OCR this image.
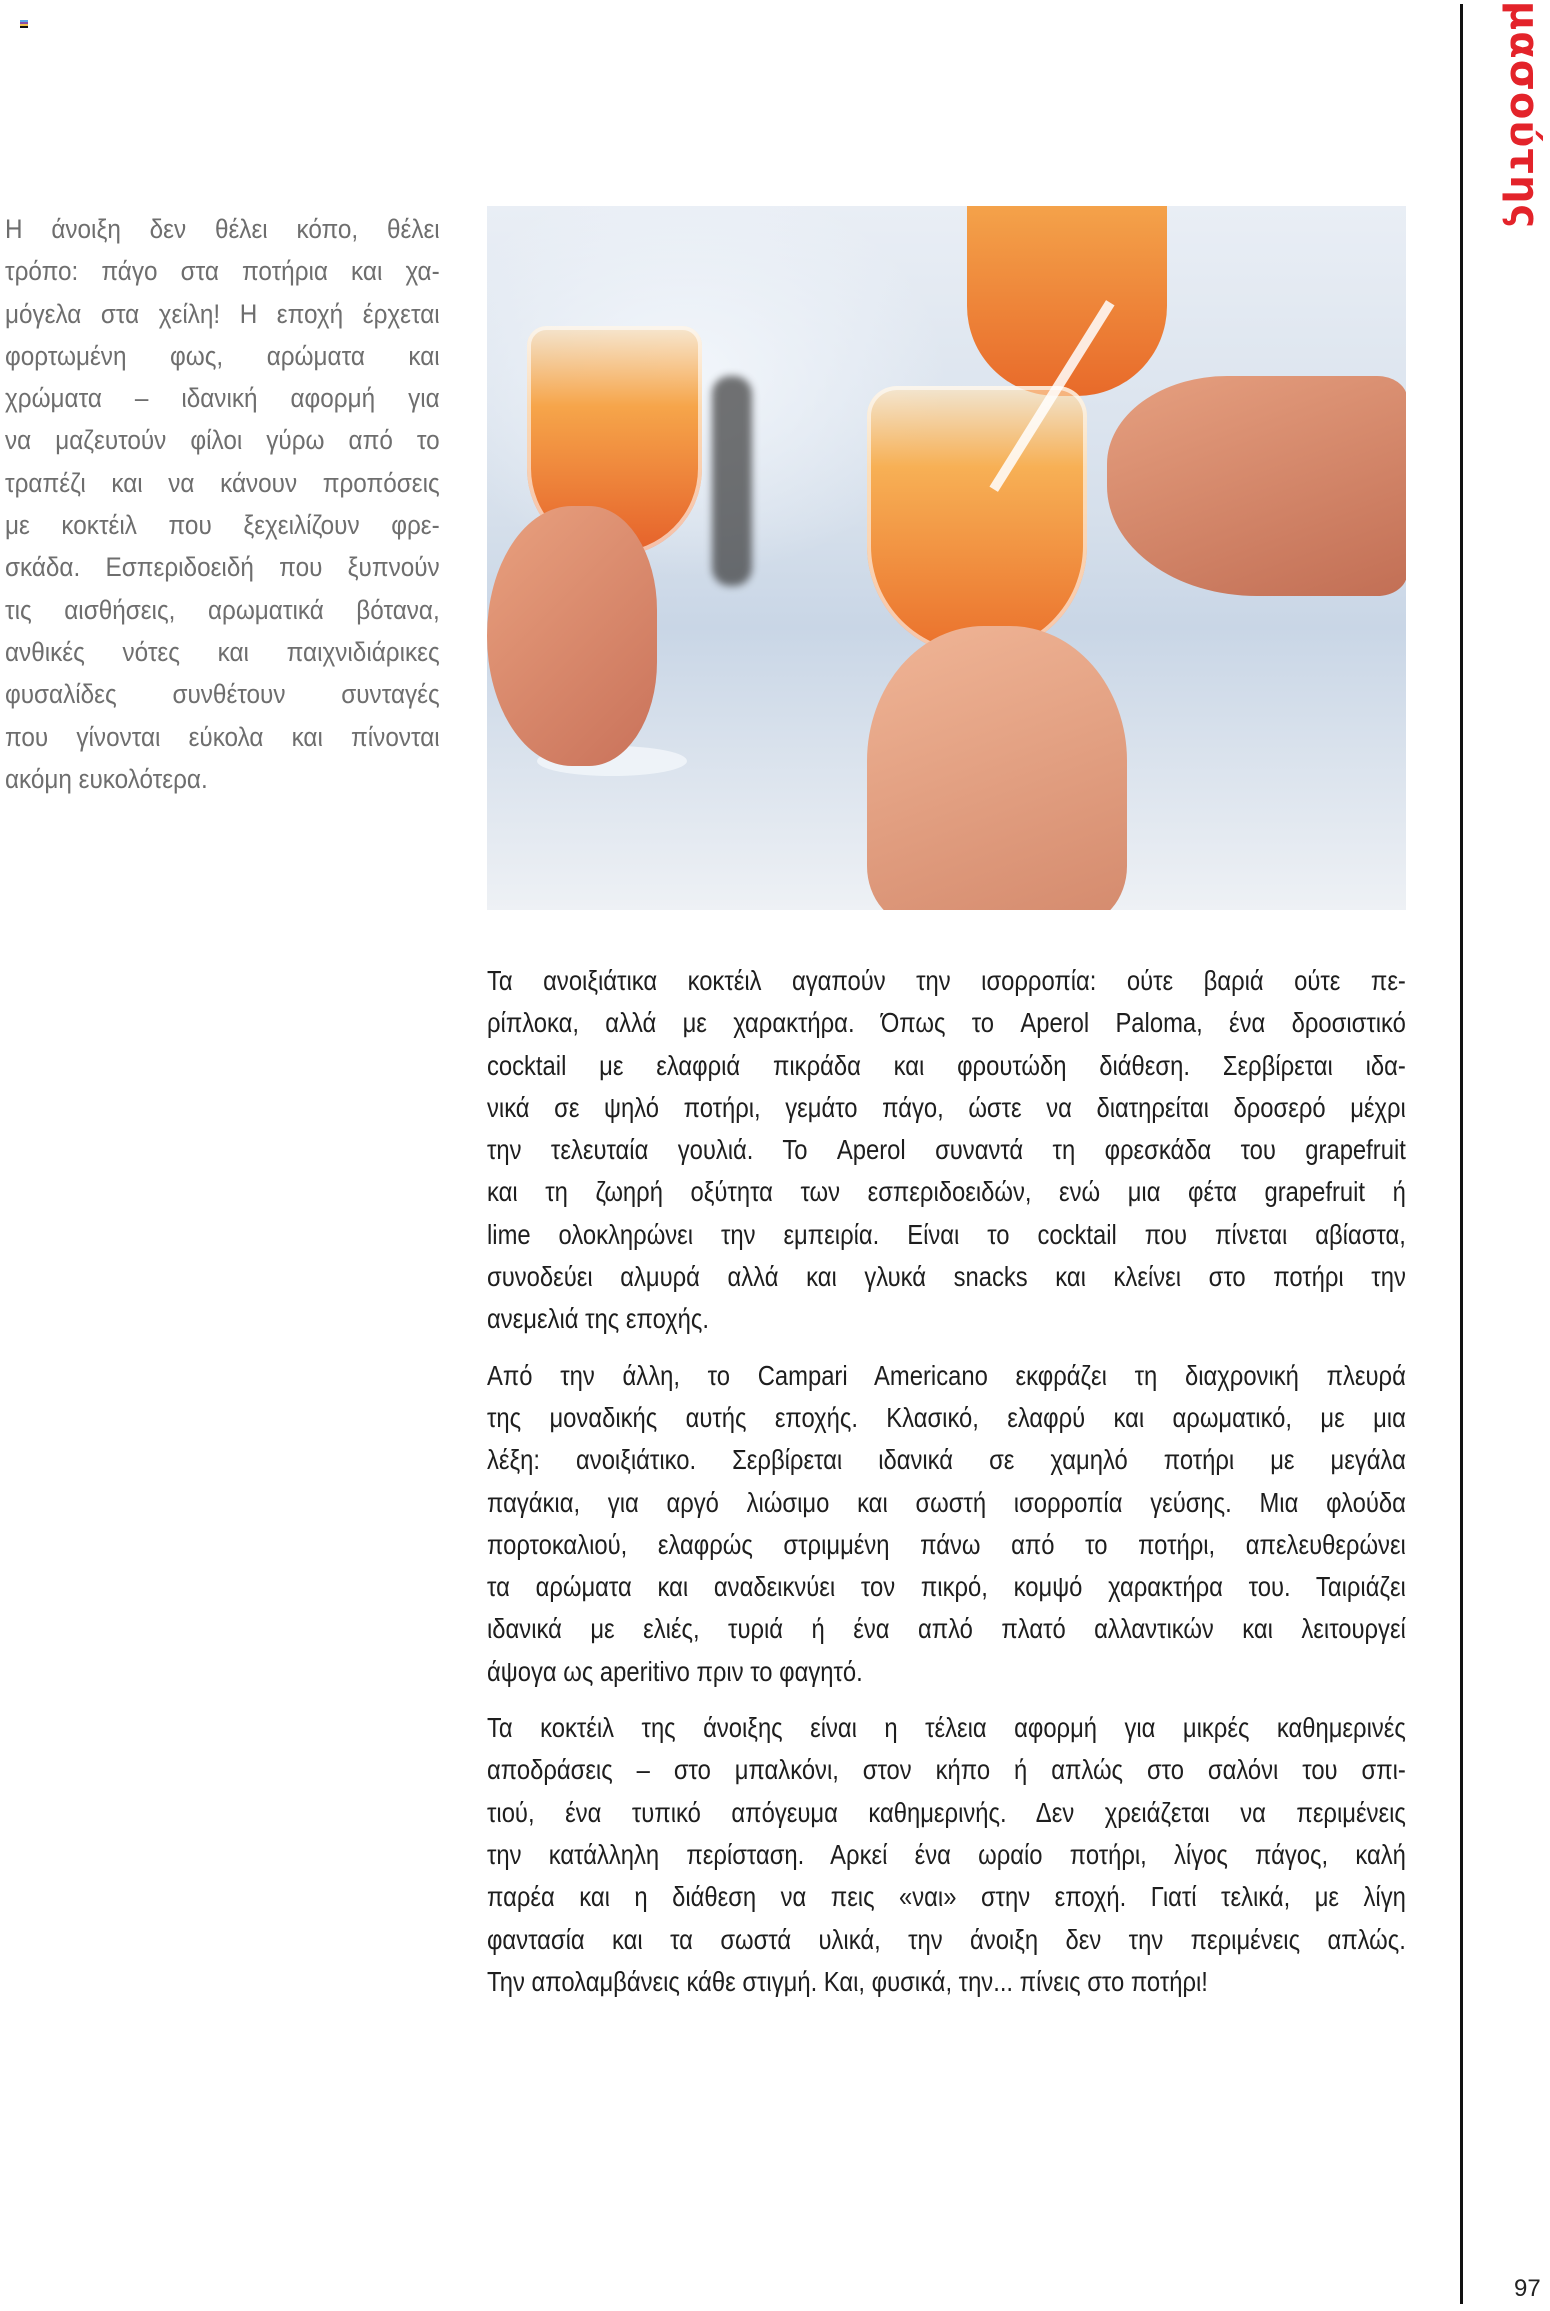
μασούτης
Η άνοιξη δεν θέλει κόπο, θέλει
τρόπο: πάγο στα ποτήρια και χα-
μόγελα στα χείλη! Η εποχή έρχεται
φορτωμένη φως, αρώματα και
χρώματα – ιδανική αφορμή για
να μαζευτούν φίλοι γύρω από το
τραπέζι και να κάνουν προπόσεις
με κοκτέιλ που ξεχειλίζουν φρε-
σκάδα. Εσπεριδοειδή που ξυπνούν
τις αισθήσεις, αρωματικά βότανα,
ανθικές νότες και παιχνιδιάρικες
φυσαλίδες συνθέτουν συνταγές
που γίνονται εύκολα και πίνονται
ακόμη ευκολότερα.
Τα ανοιξιάτικα κοκτέιλ αγαπούν την ισορροπία: ούτε βαριά ούτε πε-
ρίπλοκα, αλλά με χαρακτήρα. Όπως το Aperol Paloma, ένα δροσιστικό
cocktail με ελαφριά πικράδα και φρουτώδη διάθεση. Σερβίρεται ιδα-
νικά σε ψηλό ποτήρι, γεμάτο πάγο, ώστε να διατηρείται δροσερό μέχρι
την τελευταία γουλιά. Το Aperol συναντά τη φρεσκάδα του grapefruit
και τη ζωηρή οξύτητα των εσπεριδοειδών, ενώ μια φέτα grapefruit ή
lime ολοκληρώνει την εμπειρία. Είναι το cocktail που πίνεται αβίαστα,
συνοδεύει αλμυρά αλλά και γλυκά snacks και κλείνει στο ποτήρι την
ανεμελιά της εποχής.
Από την άλλη, το Campari Americano εκφράζει τη διαχρονική πλευρά
της μοναδικής αυτής εποχής. Κλασικό, ελαφρύ και αρωματικό, με μια
λέξη: ανοιξιάτικο. Σερβίρεται ιδανικά σε χαμηλό ποτήρι με μεγάλα
παγάκια, για αργό λιώσιμο και σωστή ισορροπία γεύσης. Μια φλούδα
πορτοκαλιού, ελαφρώς στριμμένη πάνω από το ποτήρι, απελευθερώνει
τα αρώματα και αναδεικνύει τον πικρό, κομψό χαρακτήρα του. Ταιριάζει
ιδανικά με ελιές, τυριά ή ένα απλό πλατό αλλαντικών και λειτουργεί
άψογα ως aperitivo πριν το φαγητό.
Τα κοκτέιλ της άνοιξης είναι η τέλεια αφορμή για μικρές καθημερινές
αποδράσεις – στο μπαλκόνι, στον κήπο ή απλώς στο σαλόνι του σπι-
τιού, ένα τυπικό απόγευμα καθημερινής. Δεν χρειάζεται να περιμένεις
την κατάλληλη περίσταση. Αρκεί ένα ωραίο ποτήρι, λίγος πάγος, καλή
παρέα και η διάθεση να πεις «ναι» στην εποχή. Γιατί τελικά, με λίγη
φαντασία και τα σωστά υλικά, την άνοιξη δεν την περιμένεις απλώς.
Την απολαμβάνεις κάθε στιγμή. Και, φυσικά, την... πίνεις στο ποτήρι!
97
